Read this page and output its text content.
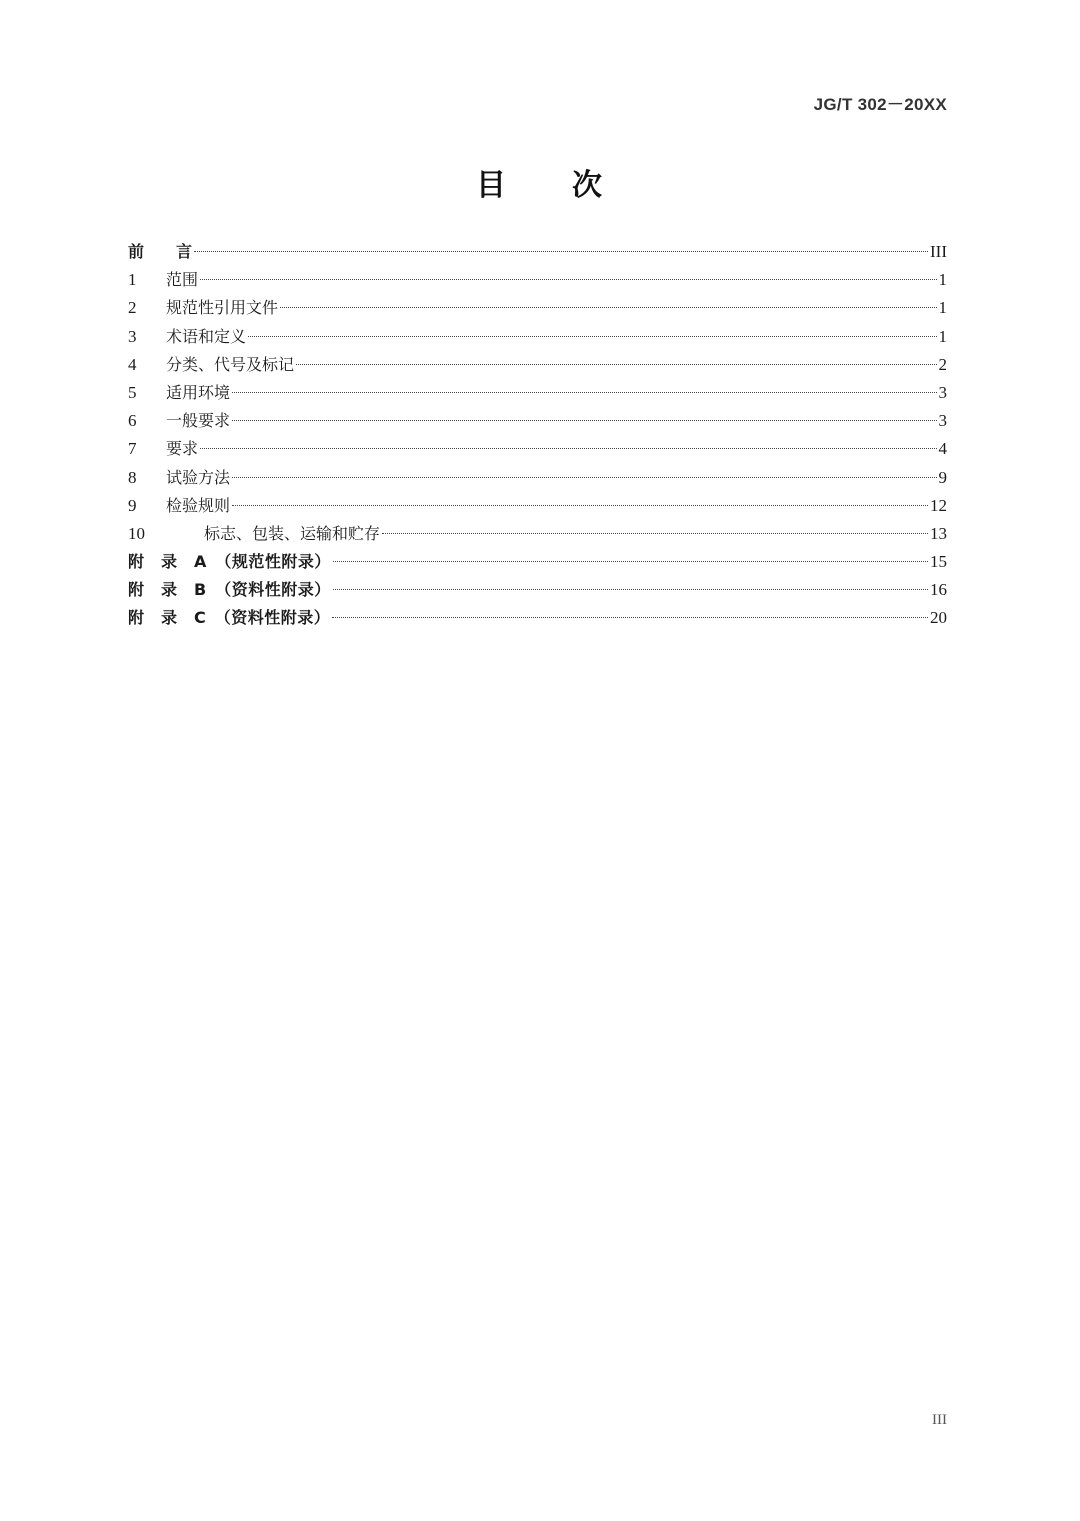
JG/T 302－20XX
目　　次
前　　言	III
1	范围	1
2	规范性引用文件	1
3	术语和定义	1
4	分类、代号及标记	2
5	适用环境	3
6	一般要求	3
7	要求	4
8	试验方法	9
9	检验规则	12
10	标志、包装、运输和贮存	13
附　录　A　（规范性附录）	15
附　录　B　（资料性附录）	16
附　录　C　（资料性附录）	20
III
